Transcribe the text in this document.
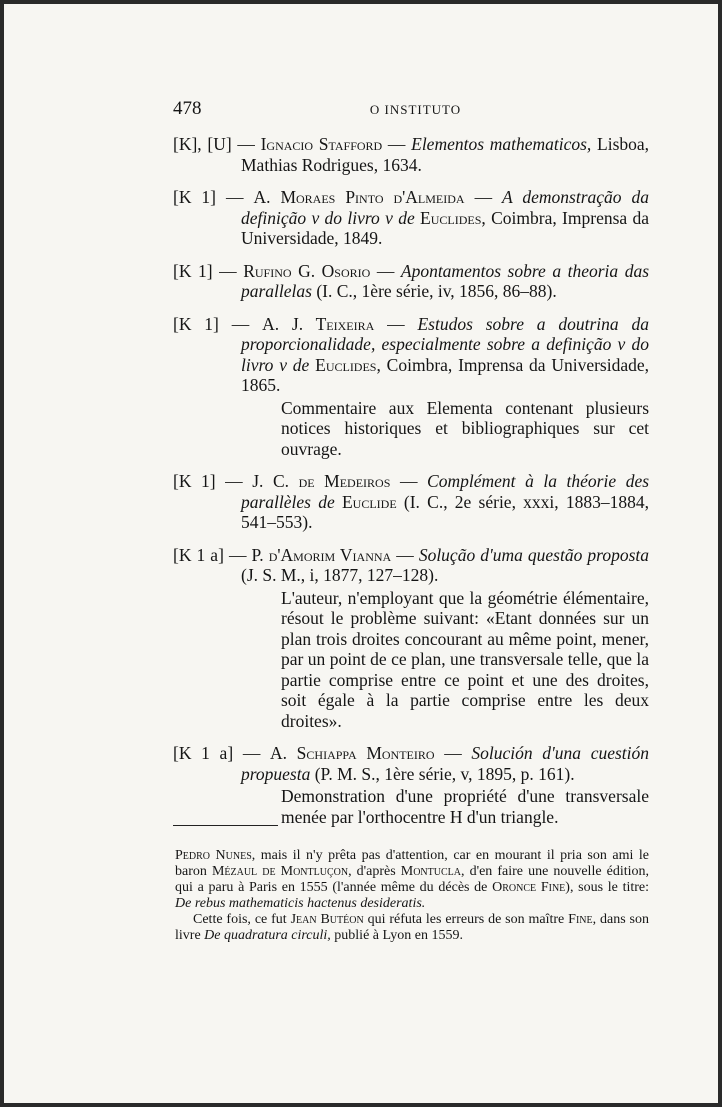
478	O INSTITUTO

[K], [U] — Ignacio Stafford — Elementos mathematicos, Lisboa, Mathias Rodrigues, 1634.

[K 1] — A. Moraes Pinto d'Almeida — A demonstração da definição v do livro v de Euclides, Coimbra, Imprensa da Universidade, 1849.

[K 1] — Rufino G. Osorio — Apontamentos sobre a theoria das parallelas (I. C., 1ère série, iv, 1856, 86–88).

[K 1] — A. J. Teixeira — Estudos sobre a doutrina da proporcionalidade, especialmente sobre a definição v do livro v de Euclides, Coimbra, Imprensa da Universidade, 1865.

Commentaire aux Elementa contenant plusieurs notices historiques et bibliographiques sur cet ouvrage.

[K 1] — J. C. de Medeiros — Complément à la théorie des parallèles de Euclide (I. C., 2e série, xxxi, 1883–1884, 541–553).

[K 1 a] — P. d'Amorim Vianna — Solução d'uma questão proposta (J. S. M., i, 1877, 127–128).

L'auteur, n'employant que la géométrie élémentaire, résout le problème suivant: «Etant données sur un plan trois droites concourant au même point, mener, par un point de ce plan, une transversale telle, que la partie comprise entre ce point et une des droites, soit égale à la partie comprise entre les deux droites».

[K 1 a] — A. Schiappa Monteiro — Solución d'una cuestión propuesta (P. M. S., 1ère série, v, 1895, p. 161).

Demonstration d'une propriété d'une transversale menée par l'orthocentre H d'un triangle.

Pedro Nunes, mais il n'y prêta pas d'attention, car en mourant il pria son ami le baron Mézaul de Montluçon, d'après Montucla, d'en faire une nouvelle édition, qui a paru à Paris en 1555 (l'année même du décès de Oronce Fine), sous le titre: De rebus mathematicis hactenus desideratis.

Cette fois, ce fut Jean Butéon qui réfuta les erreurs de son maître Fine, dans son livre De quadratura circuli, publié à Lyon en 1559.
